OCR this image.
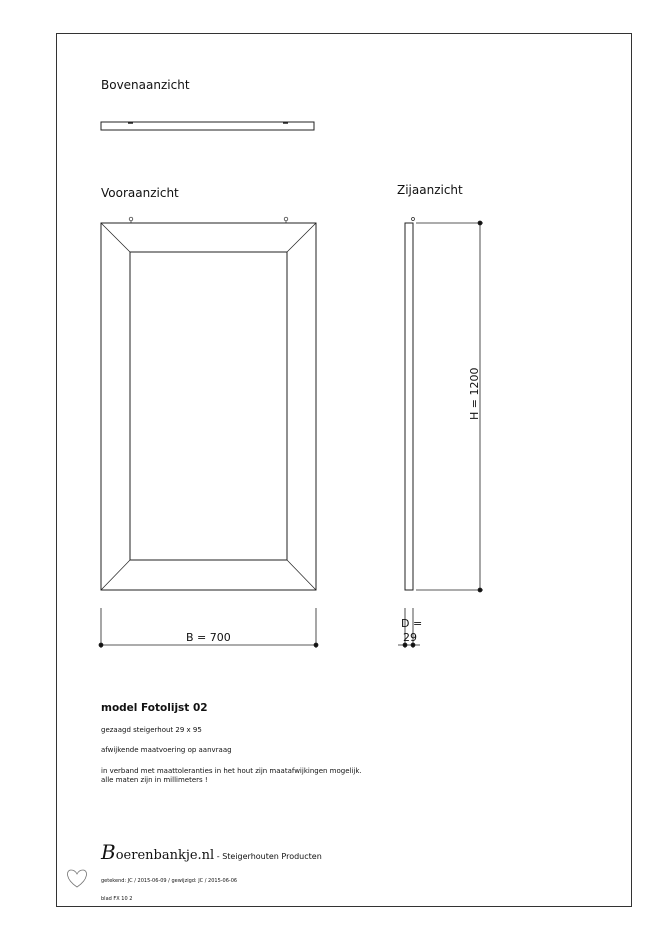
Bovenaanzicht
Vooraanzicht	Zijaanzicht
B = 700
H = 1200
D =
29
model Fotolijst 02
gezaagd steigerhout 29 x 95
afwijkende maatvoering op aanvraag
in verband met maattoleranties in het hout zijn maatafwijkingen mogelijk.
alle maten zijn in millimeters !
Boerenbankje.nl - Steigerhouten Producten
getekend: JC / 2015-06-09 / gewijzigd: JC / 2015-06-06
blad FX 10 2
